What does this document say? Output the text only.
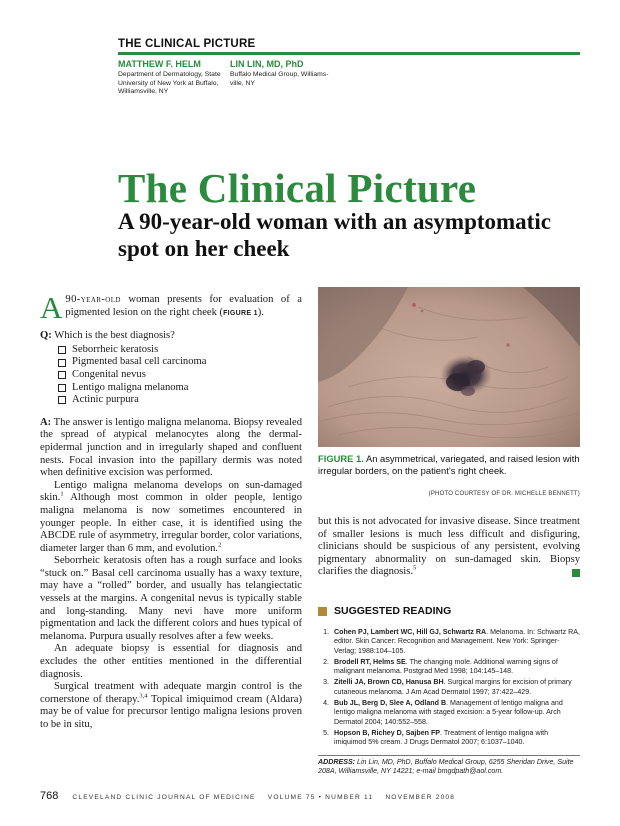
THE CLINICAL PICTURE
MATTHEW F. HELM
Department of Dermatology, State University of New York at Buffalo, Williamsville, NY
LIN LIN, MD, PhD
Buffalo Medical Group, Williams-ville, NY
The Clinical Picture
A 90-year-old woman with an asymptomatic spot on her cheek

A 90-year-old woman presents for evaluation of a pigmented lesion on the right cheek (FIGURE 1).

Q: Which is the best diagnosis?
Seborrheic keratosis
Pigmented basal cell carcinoma
Congenital nevus
Lentigo maligna melanoma
Actinic purpura

A: The answer is lentigo maligna melanoma. Biopsy revealed the spread of atypical melanocytes along the dermal-epidermal junction and in irregularly shaped and confluent nests. Focal invasion into the papillary dermis was noted when definitive excision was performed.

Lentigo maligna melanoma develops on sun-damaged skin.$^1$ Although most common in older people, lentigo maligna melanoma is now sometimes encountered in younger people. In either case, it is identified using the ABCDE rule of asymmetry, irregular border, color variations, diameter larger than 6 mm, and evolution.$^2$

Seborrheic keratosis often has a rough surface and looks “stuck on.” Basal cell carcinoma usually has a waxy texture, may have a “rolled” border, and usually has telangiectatic vessels at the margins. A congenital nevus is typically stable and long-standing. Many nevi have more uniform pigmentation and lack the different colors and hues typical of melanoma. Purpura usually resolves after a few weeks.

An adequate biopsy is essential for diagnosis and excludes the other entities mentioned in the differential diagnosis.

Surgical treatment with adequate margin control is the cornerstone of therapy.$^{3,4}$ Topical imiquimod cream (Aldara) may be of value for precursor lentigo maligna lesions proven to be in situ,

FIGURE 1. An asymmetrical, variegated, and raised lesion with irregular borders, on the patient’s right cheek.
(PHOTO COURTESY OF DR. MICHELLE BENNETT)

but this is not advocated for invasive disease. Since treatment of smaller lesions is much less difficult and disfiguring, clinicians should be suspicious of any persistent, evolving pigmentary abnormality on sun-damaged skin. Biopsy clarifies the diagnosis.$^5$

SUGGESTED READING
1. Cohen PJ, Lambert WC, Hill GJ, Schwartz RA. Melanoma. In: Schwartz RA, editor. Skin Cancer: Recognition and Management. New York: Springer-Verlag; 1988:104–105.
2. Brodell RT, Helms SE. The changing mole. Additional warning signs of malignant melanoma. Postgrad Med 1998; 104:145–148.
3. Zitelli JA, Brown CD, Hanusa BH. Surgical margins for excision of primary cutaneous melanoma. J Am Acad Dermatol 1997; 37:422–429.
4. Bub JL, Berg D, Slee A, Odland B. Management of lentigo maligna and lentigo maligna melanoma with staged excision: a 5-year follow-up. Arch Dermatol 2004; 140:552–558.
5. Hopson B, Richey D, Sajben FP. Treatment of lentigo maligna with imiquimod 5% cream. J Drugs Dermatol 2007; 6:1037–1040.
ADDRESS: Lin Lin, MD, PhD, Buffalo Medical Group, 6255 Sheridan Drive, Suite 208A, Williamsville, NY 14221; e-mail bmgdpath@aol.com.
768 CLEVELAND CLINIC JOURNAL OF MEDICINE    VOLUME 75 • NUMBER 11    NOVEMBER 2008
